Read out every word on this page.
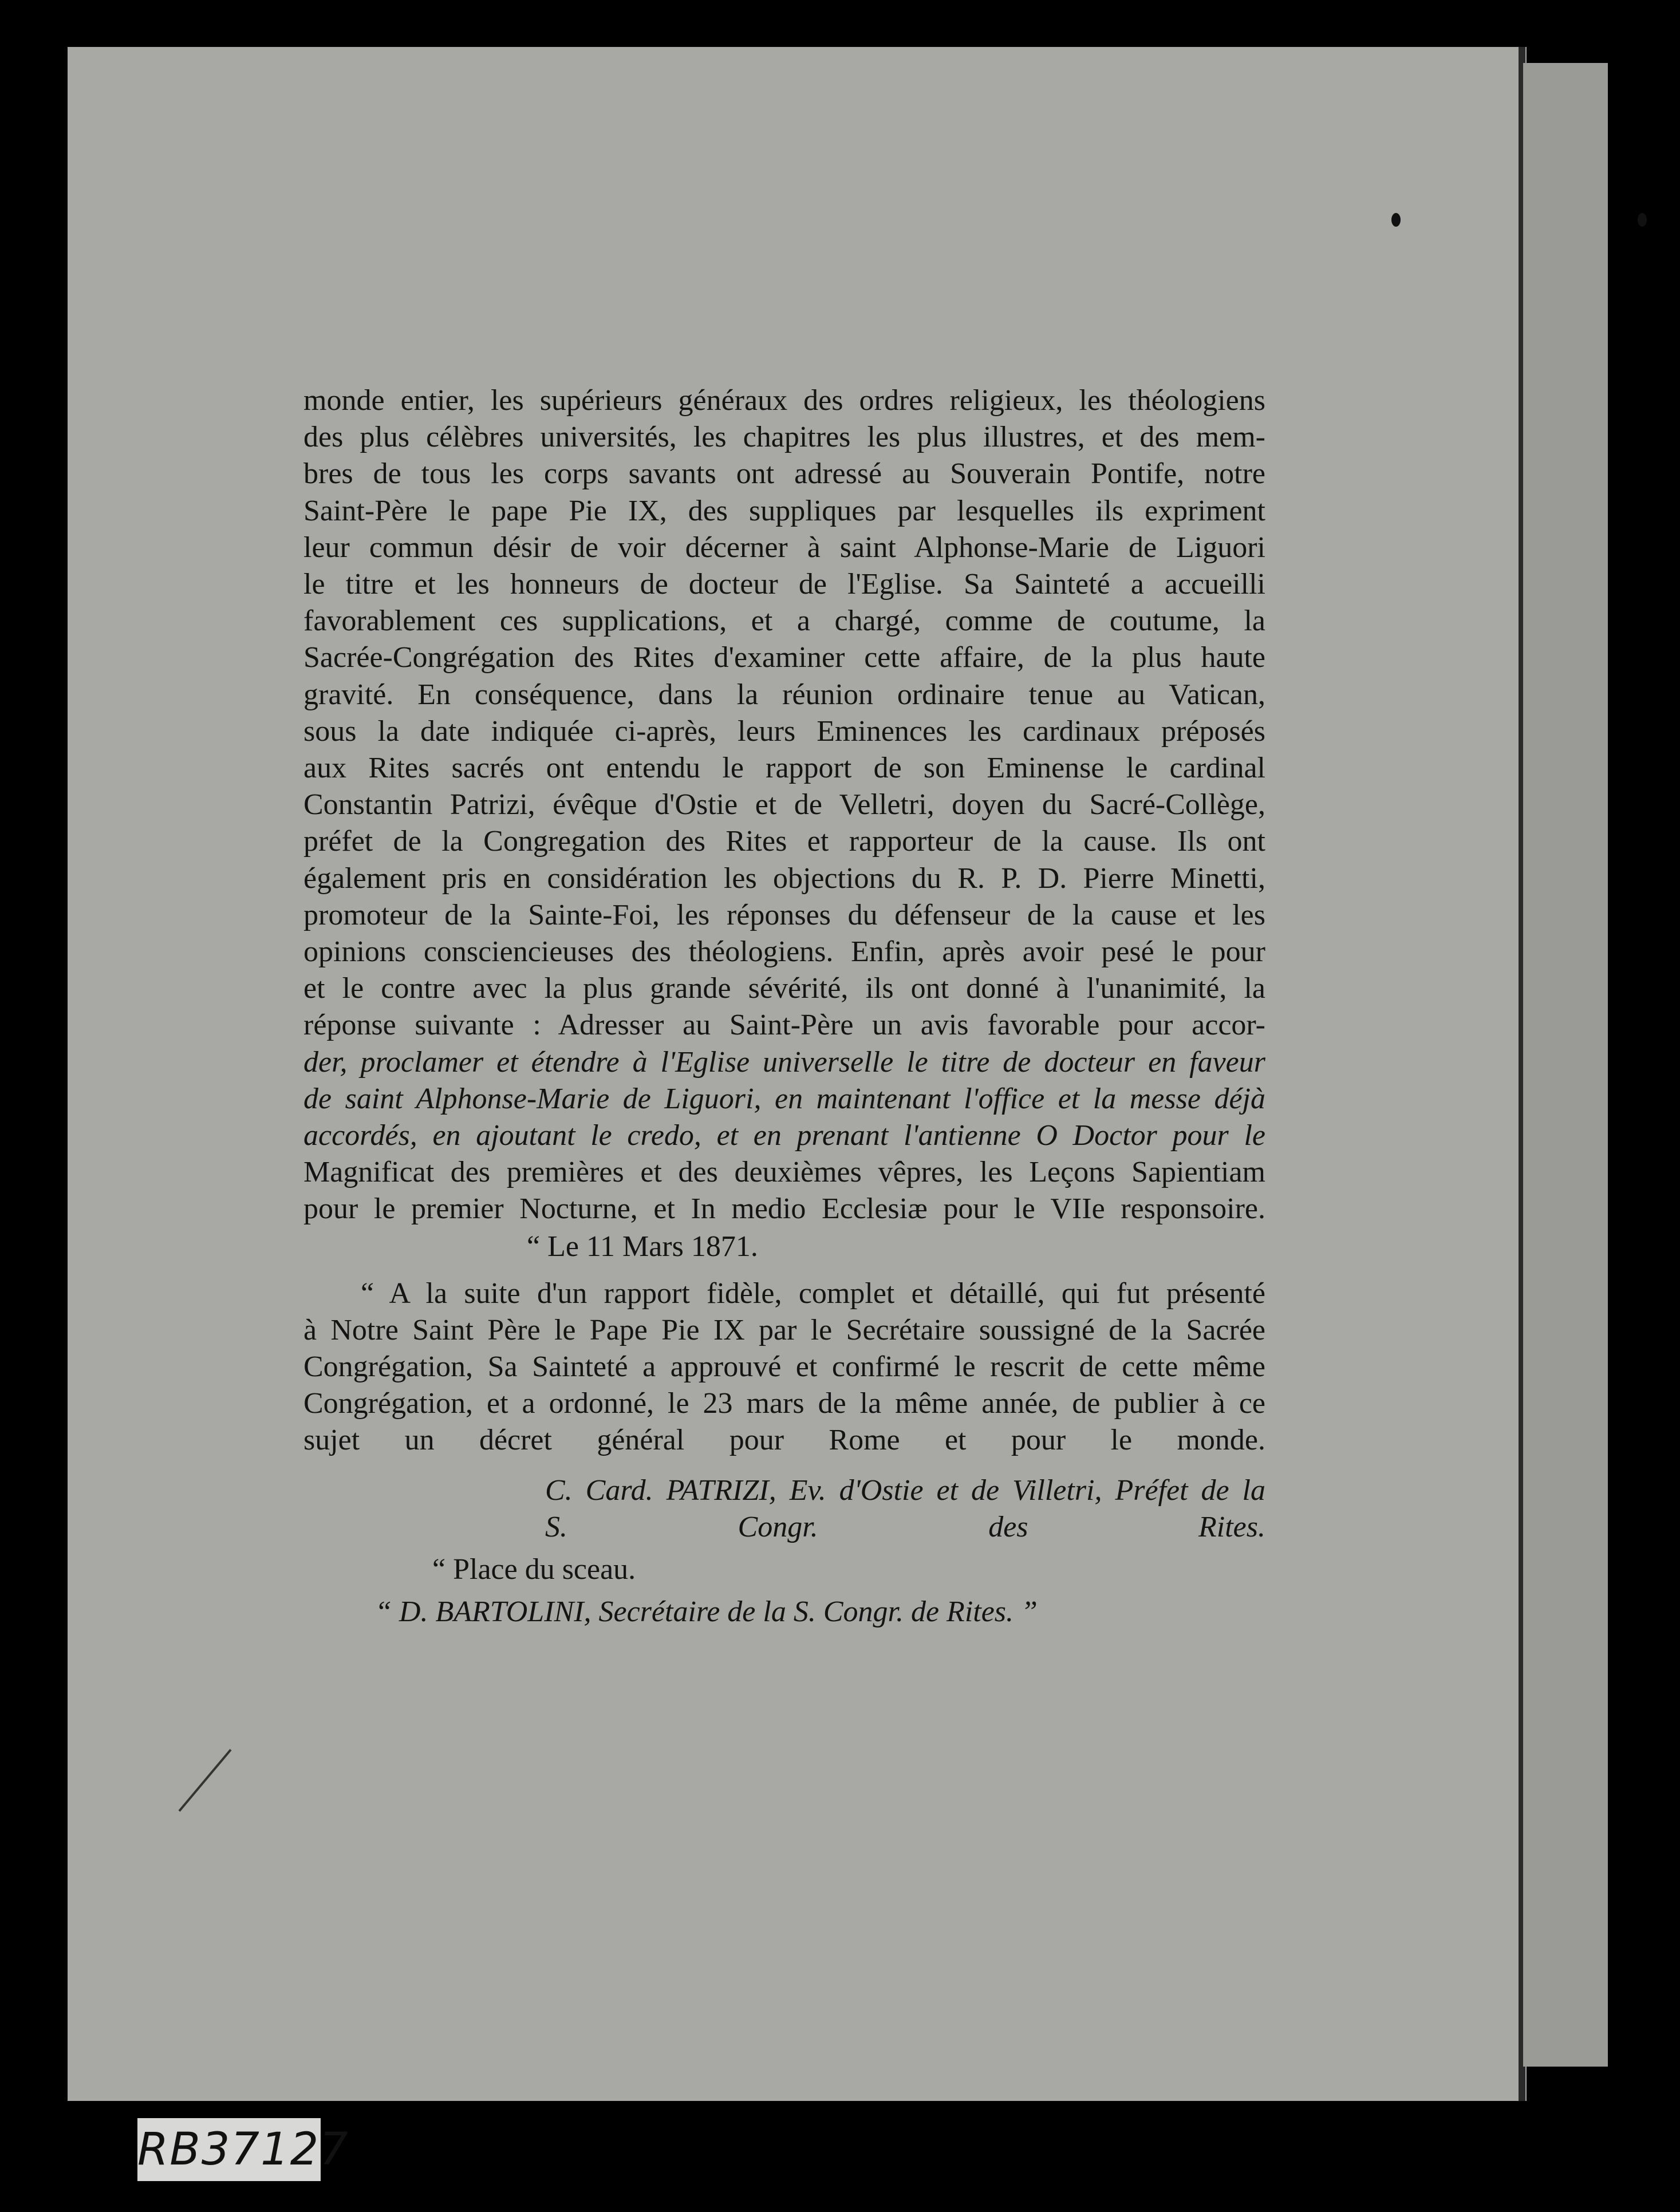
monde entier, les supérieurs généraux des ordres religieux, les théologiens
des plus célèbres universités, les chapitres les plus illustres, et des mem-
bres de tous les corps savants ont adressé au Souverain Pontife, notre
Saint-Père le pape Pie IX, des suppliques par lesquelles ils expriment
leur commun désir de voir décerner à saint Alphonse-Marie de Liguori
le titre et les honneurs de docteur de l'Eglise. Sa Sainteté a accueilli
favorablement ces supplications, et a chargé, comme de coutume, la
Sacrée-Congrégation des Rites d'examiner cette affaire, de la plus haute
gravité. En conséquence, dans la réunion ordinaire tenue au Vatican,
sous la date indiquée ci-après, leurs Eminences les cardinaux préposés
aux Rites sacrés ont entendu le rapport de son Eminense le cardinal
Constantin Patrizi, évêque d'Ostie et de Velletri, doyen du Sacré-Collège,
préfet de la Congregation des Rites et rapporteur de la cause. Ils ont
également pris en considération les objections du R. P. D. Pierre Minetti,
promoteur de la Sainte-Foi, les réponses du défenseur de la cause et les
opinions consciencieuses des théologiens. Enfin, après avoir pesé le pour
et le contre avec la plus grande sévérité, ils ont donné à l'unanimité, la
réponse suivante : Adresser au Saint-Père un avis favorable pour accor-
der, proclamer et étendre à l'Eglise universelle le titre de docteur en faveur
de saint Alphonse-Marie de Liguori, en maintenant l'office et la messe déjà
accordés, en ajoutant le credo, et en prenant l'antienne O Doctor pour le
Magnificat des premières et des deuxièmes vêpres, les Leçons Sapientiam
pour le premier Nocturne, et In medio Ecclesiæ pour le VIIe responsoire.
“ Le 11 Mars 1871.
“ A la suite d'un rapport fidèle, complet et détaillé, qui fut présenté
à Notre Saint Père le Pape Pie IX par le Secrétaire soussigné de la Sacrée
Congrégation, Sa Sainteté a approuvé et confirmé le rescrit de cette même
Congrégation, et a ordonné, le 23 mars de la même année, de publier à ce
sujet un décret général pour Rome et pour le monde.
C. Card. PATRIZI, Ev. d'Ostie et de Villetri, Préfet de la
S. Congr. des Rites.
“ Place du sceau.
“ D. BARTOLINI, Secrétaire de la S. Congr. de Rites. ”
RB37127
